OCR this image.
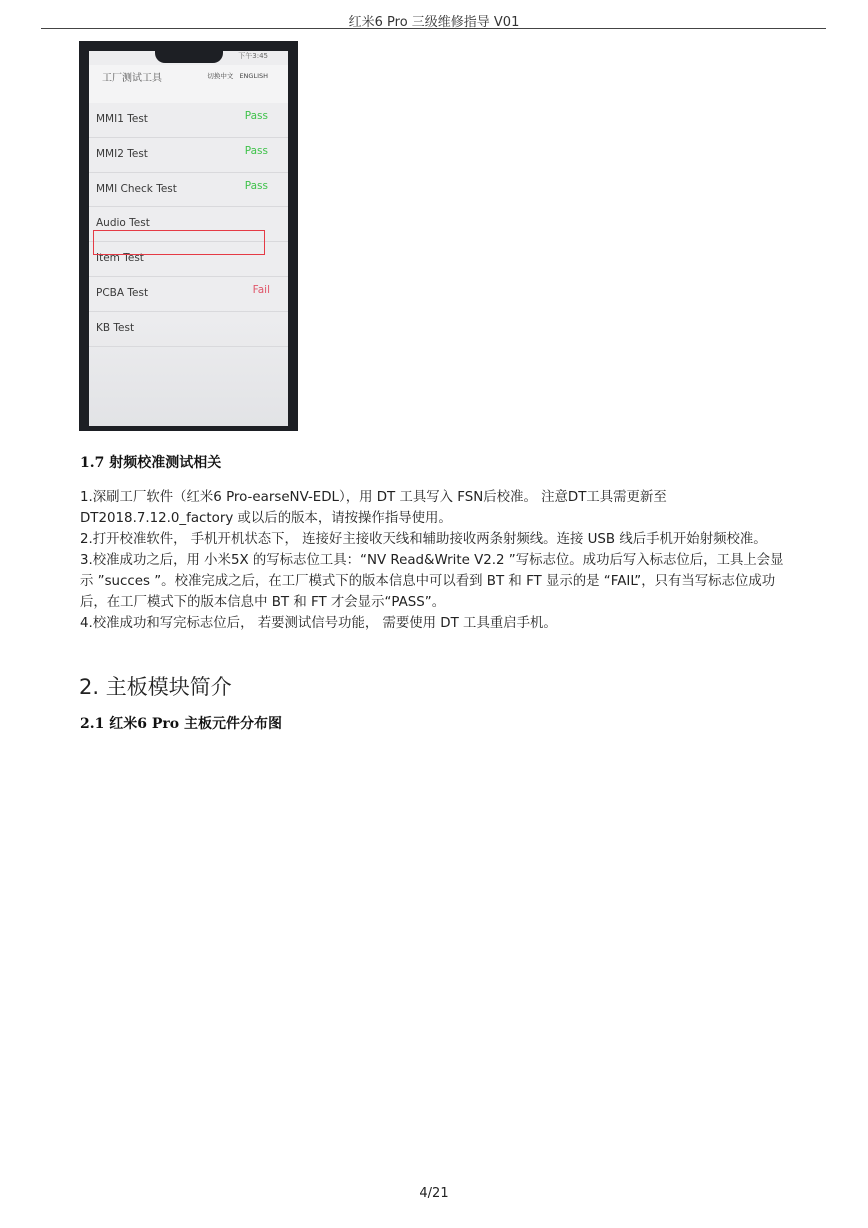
红米6 Pro 三级维修指导 V01
下午3:45
工厂测试工具	切换中文 ENGLISH
MMI1 Test	Pass
MMI2 Test	Pass
MMI Check Test	Pass
Audio Test
Item Test
PCBA Test	Fail
KB Test
1.7 射频校准测试相关

1.深刷工厂软件（红米6 Pro-earseNV-EDL），用 DT 工具写入 FSN后校准。 注意DT工具需更新至 DT2018.7.12.0_factory 或以后的版本，请按操作指导使用。

2.打开校准软件， 手机开机状态下， 连接好主接收天线和辅助接收两条射频线。连接 USB 线后手机开始射频校准。

3.校准成功之后，用 小米5X 的写标志位工具：“NV Read&Write V2.2 ”写标志位。成功后写入标志位后，工具上会显示 ”succes ”。校准完成之后，在工厂模式下的版本信息中可以看到 BT 和 FT 显示的是 “FAIL”，只有当写标志位成功后，在工厂模式下的版本信息中 BT 和 FT 才会显示“PASS”。

4.校准成功和写完标志位后， 若要测试信号功能， 需要使用 DT 工具重启手机。

2. 主板模块简介
2.1 红米6 Pro 主板元件分布图
4/21
